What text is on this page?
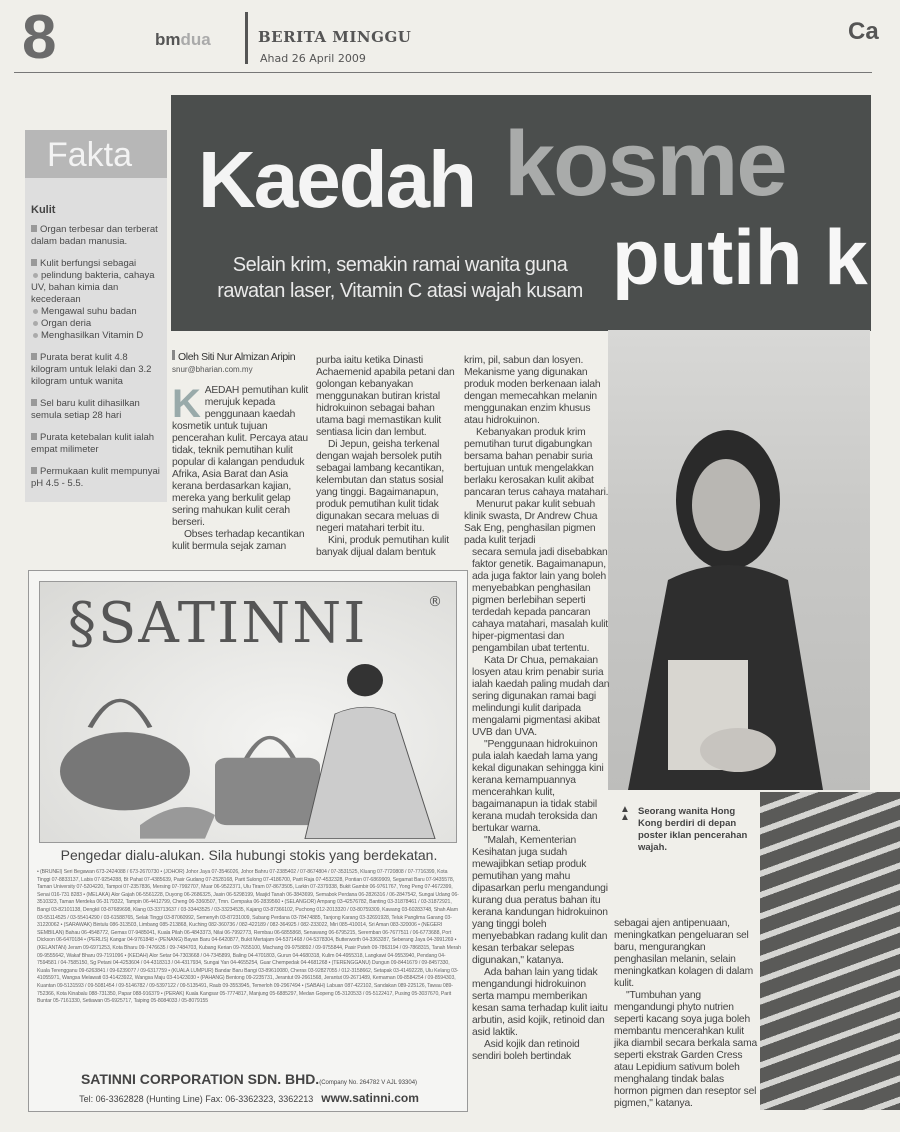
8	bmdua	BERITA MINGGU
Ahad 26 April 2009
Ca
Fakta
Kulit
Organ terbesar dan terberat dalam badan manusia.
Kulit berfungsi sebagai
pelindung bakteria, cahaya UV, bahan kimia dan kecederaan
Mengawal suhu badan
Organ deria
Menghasilkan Vitamin D
Purata berat kulit 4.8 kilogram untuk lelaki dan 3.2 kilogram untuk wanita
Sel baru kulit dihasilkan semula setiap 28 hari
Purata ketebalan kulit ialah empat milimeter
Permukaan kulit mempunyai pH 4.5 - 5.5.
Kaedah kosme
putih k
Selain krim, semakin ramai wanita guna rawatan laser, Vitamin C atasi wajah kusam
Oleh Siti Nur Almizan Aripin
snur@bharian.com.my

KAEDAH pemutihan kulit merujuk kepada penggunaan kaedah kosmetik untuk tujuan pencerahan kulit. Percaya atau tidak, teknik pemutihan kulit popular di kalangan penduduk Afrika, Asia Barat dan Asia kerana berdasarkan kajian, mereka yang berkulit gelap sering mahukan kulit cerah berseri.

Obses terhadap kecantikan kulit bermula sejak zaman

purba iaitu ketika Dinasti Achaemenid apabila petani dan golongan kebanyakan menggunakan butiran kristal hidrokuinon sebagai bahan utama bagi memastikan kulit sentiasa licin dan lembut.

Di Jepun, geisha terkenal dengan wajah bersolek putih sebagai lambang kecantikan, kelembutan dan status sosial yang tinggi. Bagaimanapun, produk pemutihan kulit tidak digunakan secara meluas di negeri matahari terbit itu.

Kini, produk pemutihan kulit banyak dijual dalam bentuk

krim, pil, sabun dan losyen. Mekanisme yang digunakan produk moden berkenaan ialah dengan memecahkan melanin menggunakan enzim khusus atau hidrokuinon.

Kebanyakan produk krim pemutihan turut digabungkan bersama bahan penabir suria bertujuan untuk mengelakkan berlaku kerosakan kulit akibat pancaran terus cahaya matahari.

Menurut pakar kulit sebuah klinik swasta, Dr Andrew Chua Sak Eng, penghasilan pigmen pada kulit terjadi

secara semula jadi disebabkan faktor genetik. Bagaimanapun, ada juga faktor lain yang boleh menyebabkan penghasilan pigmen berlebihan seperti terdedah kepada pancaran cahaya matahari, masalah kulit hiper-pigmentasi dan pengambilan ubat tertentu.

Kata Dr Chua, pemakaian losyen atau krim penabir suria ialah kaedah paling mudah dan sering digunakan ramai bagi melindungi kulit daripada mengalami pigmentasi akibat UVB dan UVA.

"Penggunaan hidrokuinon pula ialah kaedah lama yang kekal digunakan sehingga kini kerana kemampuannya mencerahkan kulit, bagaimanapun ia tidak stabil kerana mudah teroksida dan bertukar warna.

"Malah, Kementerian Kesihatan juga sudah mewajibkan setiap produk pemutihan yang mahu dipasarkan perlu mengandungi kurang dua peratus bahan itu kerana kandungan hidrokuinon yang tinggi boleh menyebabkan radang kulit dan kesan terbakar selepas digunakan," katanya.

Ada bahan lain yang tidak mengandungi hidrokuinon serta mampu memberikan kesan sama terhadap kulit iaitu arbutin, asid kojik, retinoid dan asid laktik.

Asid kojik dan retinoid sendiri boleh bertindak

sebagai ajen antipenuaan, meningkatkan pengeluaran sel baru, mengurangkan penghasilan melanin, selain meningkatkan kolagen di dalam kulit.

"Tumbuhan yang mengandungi phyto nutrien seperti kacang soya juga boleh membantu mencerahkan kulit jika diambil secara berkala sama seperti ekstrak Garden Cress atau Lepidium sativum boleh menghalang tindak balas hormon pigmen dan reseptor sel pigmen," katanya.

▲
▲
Seorang wanita Hong Kong berdiri di depan poster iklan pencerahan wajah.
§SATINNI	®
Pengedar dialu-alukan. Sila hubungi stokis yang berdekatan.
• (BRUNEI) Seri Begawan 673-2424088 / 673-2670730 • (JOHOR) Johor Jaya 07-3546026, Johor Bahru 07-2385402 / 07-8674804 / 07-3531525, Kluang 07-7720808 / 07-7716399, Kota Tinggi 07-8833137, Labis 07-9254288, Bt Pahat 07-4385639, Pasir Gudang 07-2528168, Parit Sulong 07-4186700, Parit Raja 07-4532328, Pontian 07-6869909, Segamat Baru 07-9435578, Taman University 07-5204220, Tampoi 07-2357836, Mersing 07-7992707, Muar 06-9522371, Ulu Tiram 07-8673505, Larkin 07-2379338, Bukit Gambir 06-9761767, Yong Peng 07-4672399, Senai 016-731 8283 • (MELAKA) Alor Gajah 06-5561228, Duyong 06-2686325, Jasin 06-5298199, Masjid Tanah 06-3843699, Semabok Perdana 06-2826316 / 06-2847542, Sungai Udang 06-3510323, Taman Merdeka 06-3179322, Tampin 06-4412799, Cheng 06-3360507, Tmn. Cempaka 06-2839560 • (SELANGOR) Ampang 03-42576782, Banting 03-31878461 / 03-31872921, Bangi 03-82101138, Dengkil 03-87689698, Klang 03-33713637 / 03-33443525 / 03-33234535, Kajang 03-87366102, Puchong 012-2013320 / 03-80759309, Kawang 03-60283748, Shah Alam 03-55114525 / 03-55414290 / 03-61588765, Selak Tinggi 03-87060992, Semenyih 03-87231009, Subang Perdana 03-78474885, Tanjong Karang 03-32691928, Teluk Panglima Garang 03-31220062 • (SARAWAK) Bintulu 086-313503, Limbang 085-213868, Kuching 082-360736 / 082-422189 / 082-364925 / 082-233022, Miri 085-410014, Sri Aman 083-320006 • (NEGERI SEMBILAN) Bahau 06-4548772, Gemas 07-9485041, Kuala Pilah 06-4843373, Nilai 06-7992773, Rembau 06-6855868, Senawang 06-6795215, Seremban 06-7677511 / 06-6773688, Port Dickson 06-6470184 • (PERLIS) Kangar 04-9761848 • (PENANG) Bayan Baru 04-6420877, Bukit Mertajam 04-5371468 / 04-5378304, Butterworth 04-3363287, Seberang Jaya 04-3991269 • (KELANTAN) Jeram 09-6971253, Kota Bharu 09-7476635 / 09-7484703, Kubang Kerian 09-7655100, Machang 09-9758892 / 09-9755844, Pasir Puteh 09-7863194 / 09-7868315, Tanah Merah 09-9555642, Wakaf Bharu 09-7191096 • (KEDAH) Alor Setar 04-7303668 / 04-7345899, Baling 04-4701803, Gurun 04-4680318, Kulim 04-4955318, Langkawi 04-9553940, Pendang 04-7594581 / 04-7585150, Sg Petani 04-4253604 / 04-4318313 / 04-4317934, Sungai Yan 04-4655254, Guar Chempedak 04-4681268 • (TERENGGANU) Dungun 09-8441679 / 09-8457330, Kuala Terengganu 09-6263841 / 09-6239077 / 09-6317759 • (KUALA LUMPUR) Bandar Baru Bangi 03-89610080, Cheras 03-92827055 / 012-3158662, Setapak 03-41492228, Ulu Kelang 03-41055971, Wangsa Melawati 03-41423922, Wangsa Maju 03-41423030 • (PAHANG) Bentong 09-2235731, Jerantut 09-2661568, Jerantut 09-2671489, Kemaman 09-8584254 / 09-8594303, Kuantan 09-5131593 / 09-5081454 / 09-5146782 / 09-5397122 / 09-5135491, Raub 09-3553945, Temerloh 09-2967494 • (SABAH) Labuan 087-422102, Sandakan 089-225126, Tawau 089-752366, Kota Kinabalu 088-731350, Papar 088-916379 • (PERAK) Kuala Kangsar 05-7774817, Manjung 05-6885297, Medan Gopeng 05-3120533 / 05-5122417, Pusing 05-3037670, Parit Buntar 05-7161330, Setiawan 05-6925717, Taiping 05-8084033 / 05-8079155
SATINNI CORPORATION SDN. BHD.(Company No. 264782 V AJL 93304)
Tel: 06-3362828 (Hunting Line) Fax: 06-3362323, 3362213 www.satinni.com
